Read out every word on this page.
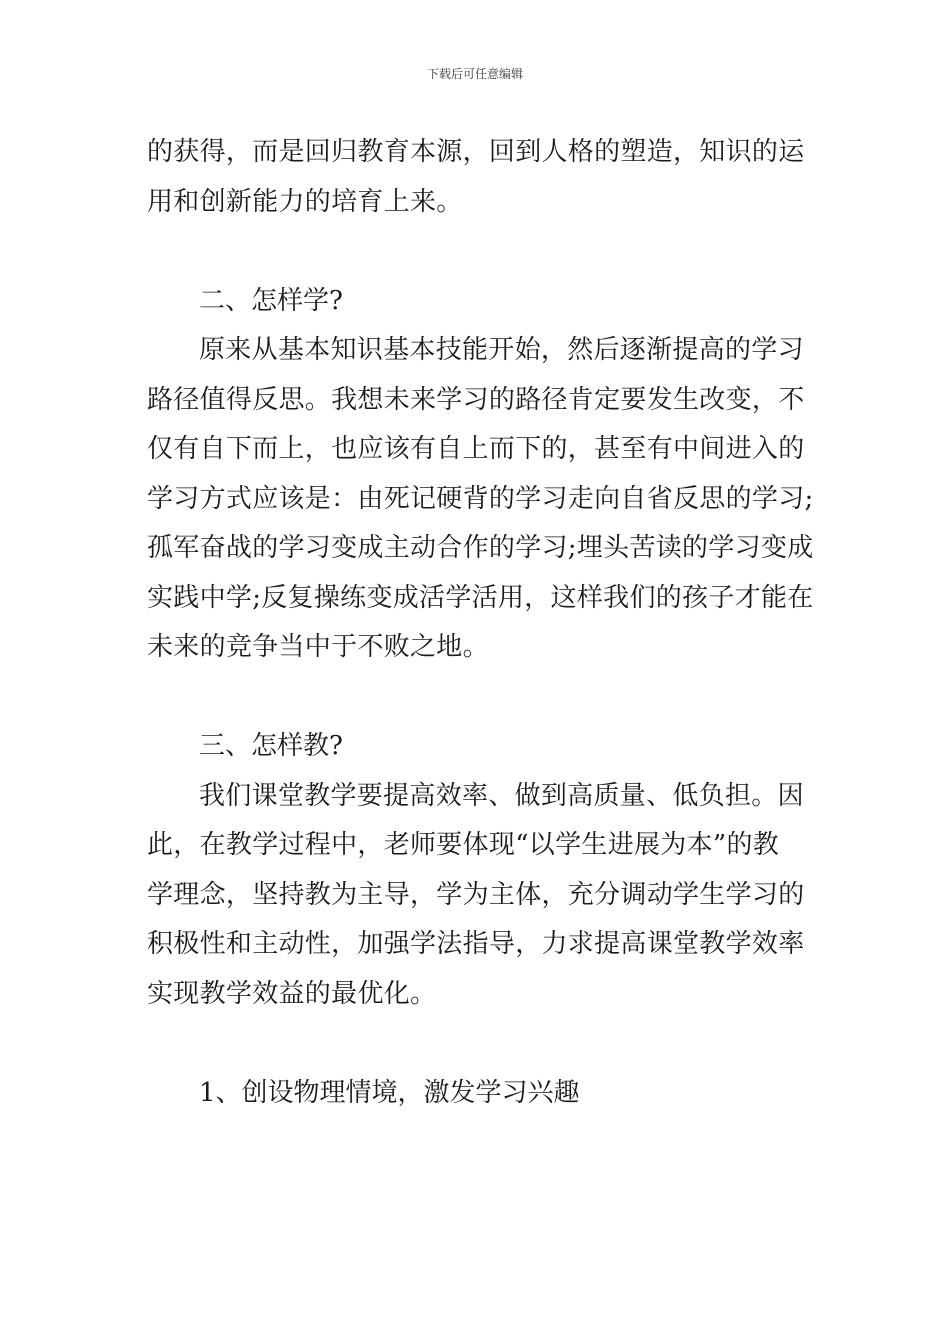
下载后可任意编辑

的获得，而是回归教育本源，回到人格的塑造，知识的运
用和创新能力的培育上来。

二、怎样学?

原来从基本知识基本技能开始，然后逐渐提高的学习
路径值得反思。我想未来学习的路径肯定要发生改变，不
仅有自下而上，也应该有自上而下的，甚至有中间进入的
学习方式应该是：由死记硬背的学习走向自省反思的学习;
孤军奋战的学习变成主动合作的学习;埋头苦读的学习变成
实践中学;反复操练变成活学活用，这样我们的孩子才能在
未来的竞争当中于不败之地。

三、怎样教?

我们课堂教学要提高效率、做到高质量、低负担。因
此，在教学过程中，老师要体现“以学生进展为本”的教
学理念，坚持教为主导，学为主体，充分调动学生学习的
积极性和主动性，加强学法指导，力求提高课堂教学效率
实现教学效益的最优化。

1、创设物理情境，激发学习兴趣
